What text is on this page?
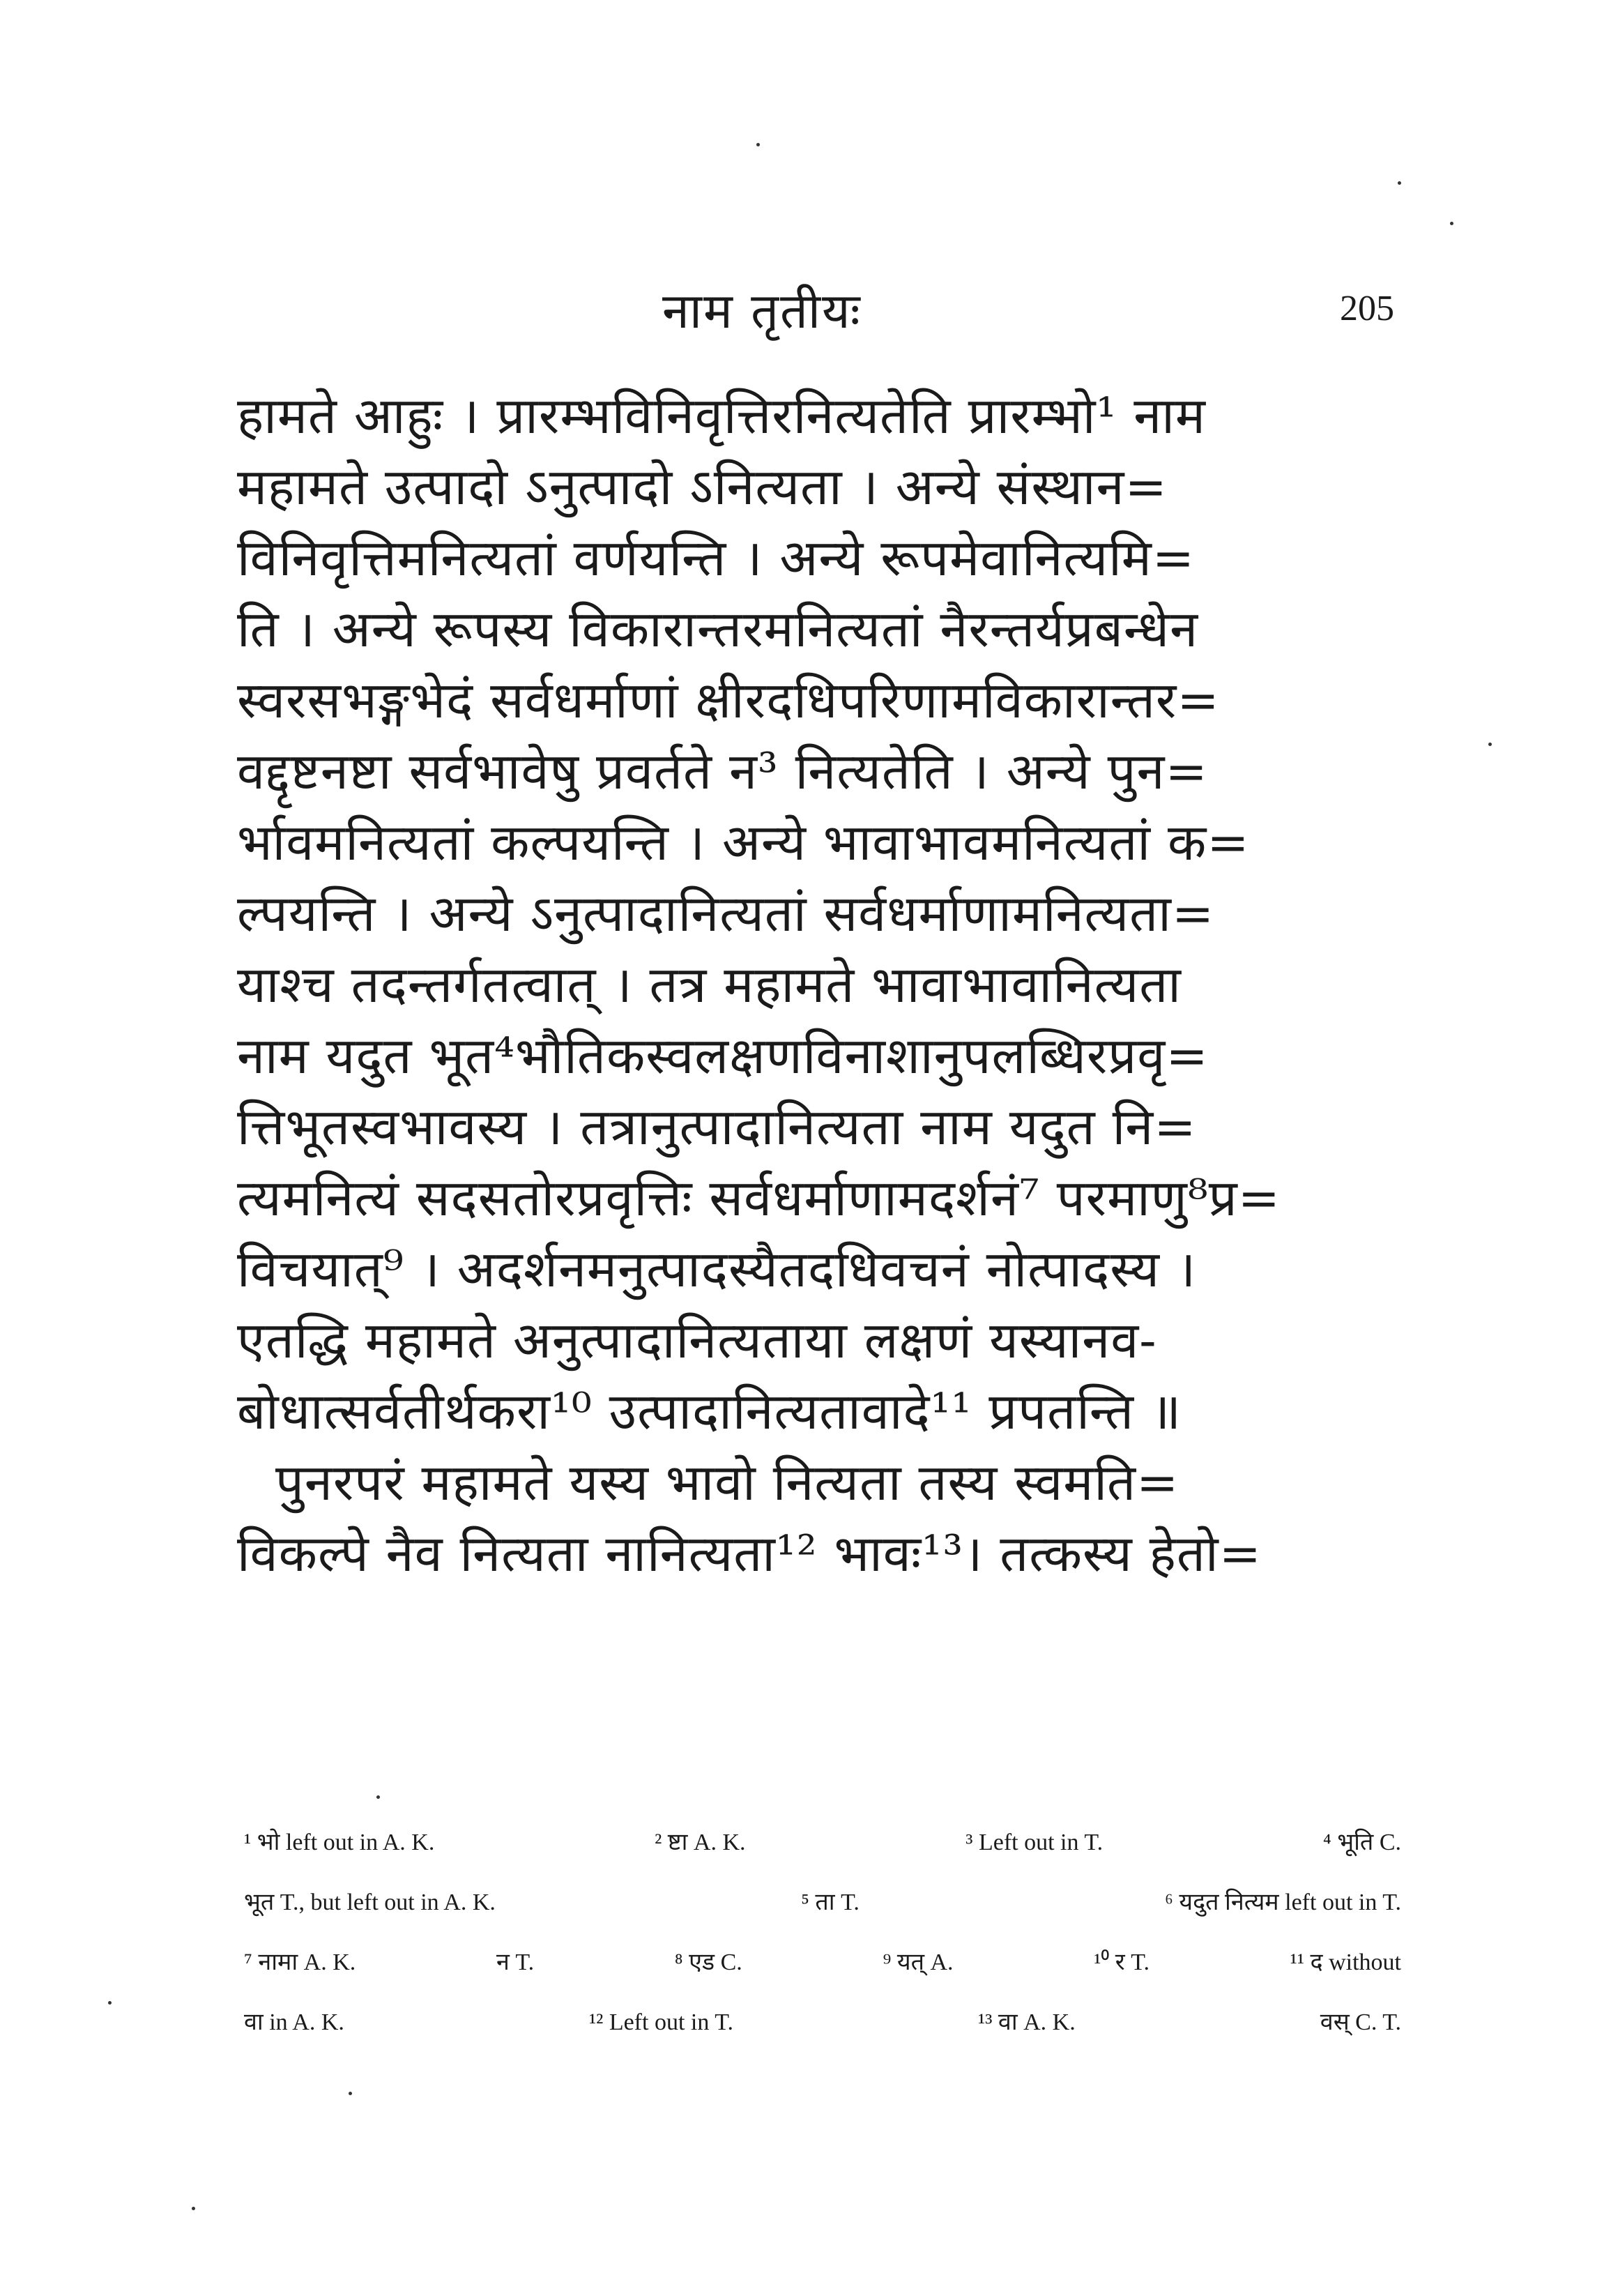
नाम तृतीयः	205
हामते आहुः । प्रारम्भविनिवृत्तिरनित्यतेति प्रारम्भो¹ नाम
महामते उत्पादो ऽनुत्पादो ऽनित्यता । अन्ये संस्थान=
विनिवृत्तिमनित्यतां वर्णयन्ति । अन्ये रूपमेवानित्यमि=
ति । अन्ये रूपस्य विकारान्तरमनित्यतां नैरन्तर्यप्रबन्धेन
स्वरसभङ्गभेदं सर्वधर्माणां क्षीरदधिपरिणामविकारान्तर=
वद्दृष्टनष्टा सर्वभावेषु प्रवर्तते न³ नित्यतेति । अन्ये पुन=
र्भावमनित्यतां कल्पयन्ति । अन्ये भावाभावमनित्यतां क=
ल्पयन्ति । अन्ये ऽनुत्पादानित्यतां सर्वधर्माणामनित्यता=
याश्च तदन्तर्गतत्वात् । तत्र महामते भावाभावानित्यता
नाम यदुत भूत⁴भौतिकस्वलक्षणविनाशानुपलब्धिरप्रवृ=
त्तिभूतस्वभावस्य । तत्रानुत्पादानित्यता नाम यदुत नि=
त्यमनित्यं सदसतोरप्रवृत्तिः सर्वधर्माणामदर्शनं⁷ परमाणु⁸प्र=
विचयात्⁹ । अदर्शनमनुत्पादस्यैतदधिवचनं नोत्पादस्य ।
एतद्धि महामते अनुत्पादानित्यताया लक्षणं यस्यानव-
बोधात्सर्वतीर्थकरा¹⁰ उत्पादानित्यतावादे¹¹ प्रपतन्ति ॥
पुनरपरं महामते यस्य भावो नित्यता तस्य स्वमति=
विकल्पे नैव नित्यता नानित्यता¹² भावः¹³। तत्कस्य हेतो=
¹ भो left out in A. K.	² ष्टा A. K.	³ Left out in T.	⁴ भूति C.
भूत T., but left out in A. K.	⁵ ता T.	⁶ यदुत नित्यम left out in T.
⁷ नामा A. K.	न T.	⁸ एड C.	⁹ यत् A.	¹⁰ र T.	¹¹ द without
वा in A. K.	¹² Left out in T.	¹³ वा A. K.	वस् C. T.
